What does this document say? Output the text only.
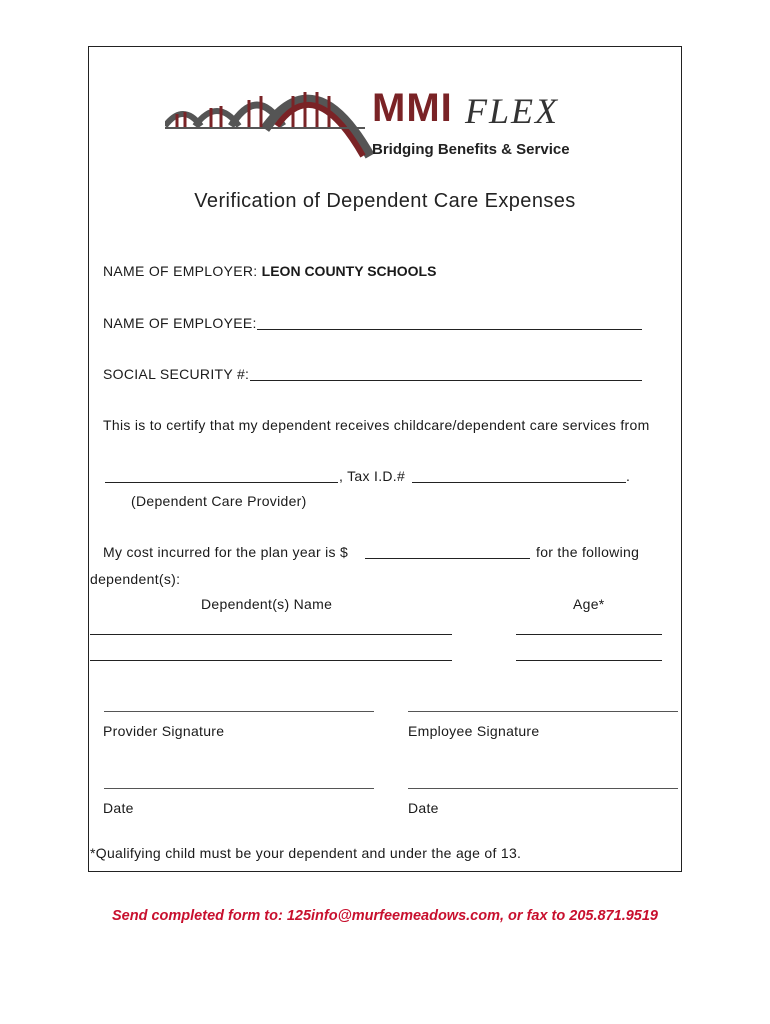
MMI FLEX
Bridging Benefits & Service
Verification of Dependent Care Expenses
NAME OF EMPLOYER: LEON COUNTY SCHOOLS
NAME OF EMPLOYEE:
SOCIAL SECURITY #:
This is to certify that my dependent receives childcare/dependent care services from
, Tax I.D.#	.
(Dependent Care Provider)
My cost incurred for the plan year is $	for the following
dependent(s):
Dependent(s) Name	Age*
Provider Signature	Employee Signature
Date	Date
*Qualifying child must be your dependent and under the age of 13.
Send completed form to: 125info@murfeemeadows.com, or fax to 205.871.9519
